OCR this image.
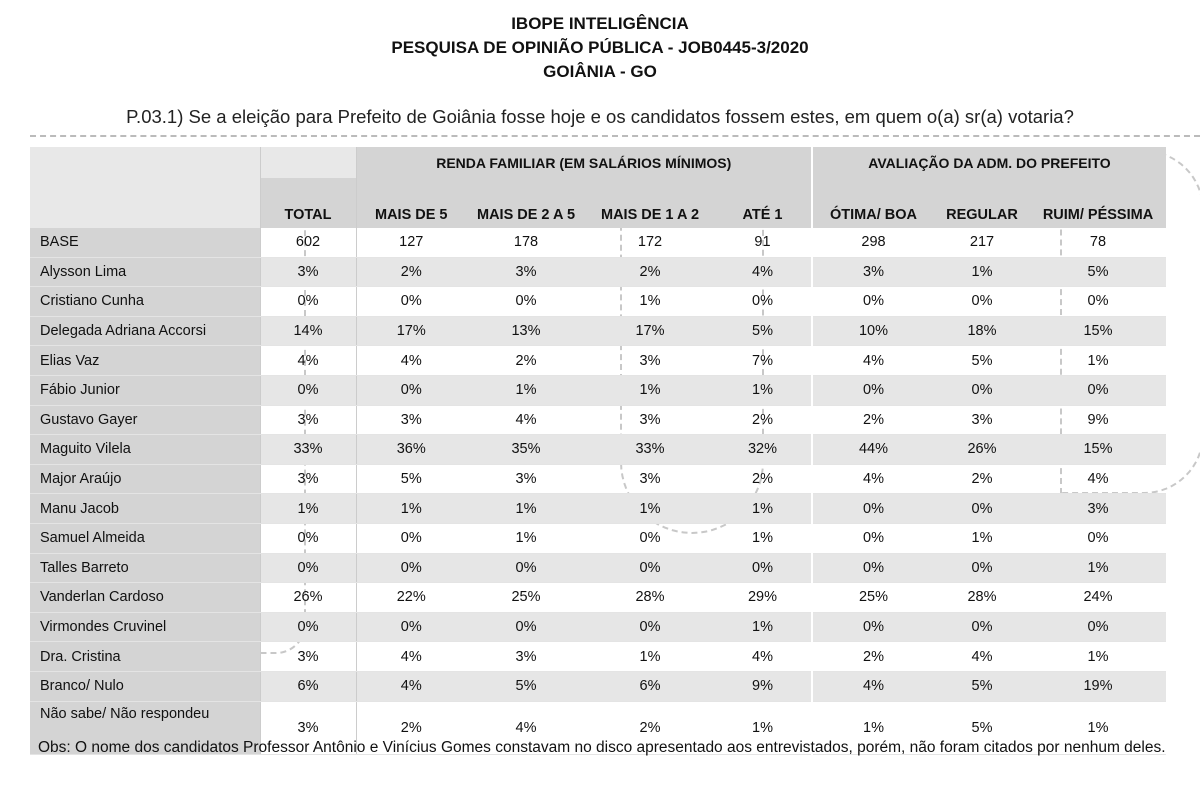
IBOPE INTELIGÊNCIA
PESQUISA DE OPINIÃO PÚBLICA - JOB0445-3/2020
GOIÂNIA - GO
P.03.1) Se a eleição para Prefeito de Goiânia fosse hoje e os candidatos fossem estes, em quem o(a) sr(a) votaria?
		RENDA FAMILIAR (EM SALÁRIOS MÍNIMOS)				AVALIAÇÃO DA ADM. DO PREFEITO		
	TOTAL	MAIS DE 5	MAIS DE 2 A 5	MAIS DE 1 A 2	ATÉ 1	ÓTIMA/ BOA	REGULAR	RUIM/ PÉSSIMA
BASE	602	127	178	172	91	298	217	78
Alysson Lima	3%	2%	3%	2%	4%	3%	1%	5%
Cristiano Cunha	0%	0%	0%	1%	0%	0%	0%	0%
Delegada Adriana Accorsi	14%	17%	13%	17%	5%	10%	18%	15%
Elias Vaz	4%	4%	2%	3%	7%	4%	5%	1%
Fábio Junior	0%	0%	1%	1%	1%	0%	0%	0%
Gustavo Gayer	3%	3%	4%	3%	2%	2%	3%	9%
Maguito Vilela	33%	36%	35%	33%	32%	44%	26%	15%
Major Araújo	3%	5%	3%	3%	2%	4%	2%	4%
Manu Jacob	1%	1%	1%	1%	1%	0%	0%	3%
Samuel Almeida	0%	0%	1%	0%	1%	0%	1%	0%
Talles Barreto	0%	0%	0%	0%	0%	0%	0%	1%
Vanderlan Cardoso	26%	22%	25%	28%	29%	25%	28%	24%
Virmondes Cruvinel	0%	0%	0%	0%	1%	0%	0%	0%
Dra. Cristina	3%	4%	3%	1%	4%	2%	4%	1%
Branco/ Nulo	6%	4%	5%	6%	9%	4%	5%	19%
Não sabe/ Não respondeu	3%	2%	4%	2%	1%	1%	5%	1%
Obs: O nome dos candidatos Professor Antônio e Vinícius Gomes constavam no disco apresentado aos entrevistados, porém, não foram citados por nenhum deles.
